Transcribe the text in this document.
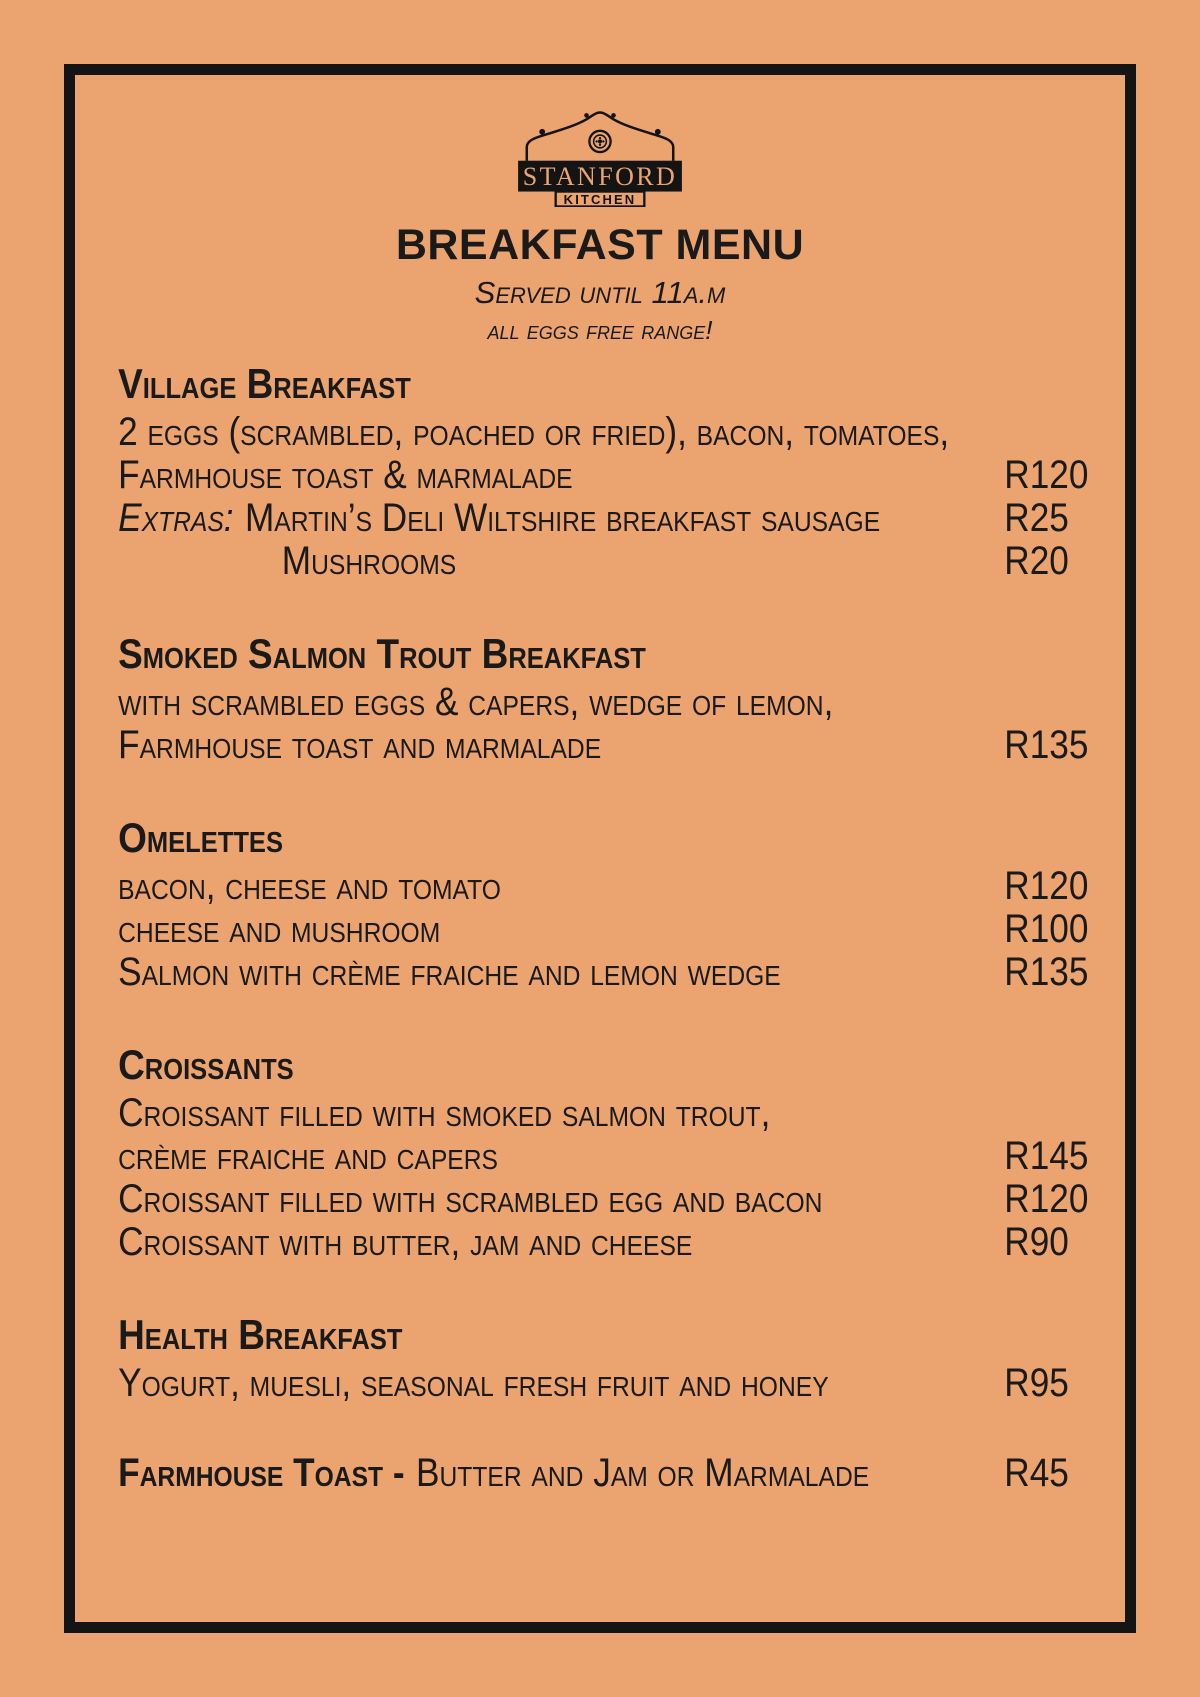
STANFORD
KITCHEN
BREAKFAST MENU
Served until 11a.m
all eggs free range!
Village Breakfast
2 eggs (scrambled, poached or fried), bacon, tomatoes,
Farmhouse toast & marmalade	R120
Extras: Martin’s Deli Wiltshire breakfast sausage	R25
Mushrooms	R20
Smoked Salmon Trout Breakfast
with scrambled eggs & capers, wedge of lemon,
Farmhouse toast and marmalade	R135
Omelettes
bacon, cheese and tomato	R120
cheese and mushroom	R100
Salmon with crème fraiche and lemon wedge	R135
Croissants
Croissant filled with smoked salmon trout,
crème fraiche and capers	R145
Croissant filled with scrambled egg and bacon	R120
Croissant with butter, jam and cheese	R90
Health Breakfast
Yogurt, muesli, seasonal fresh fruit and honey	R95
Farmhouse Toast - Butter and Jam or Marmalade	R45
